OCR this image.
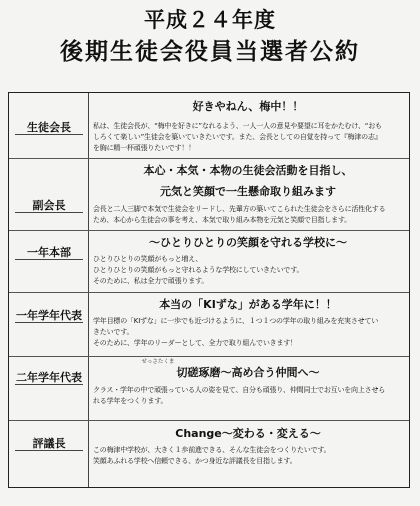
平成２４年度
後期生徒会役員当選者公約
生徒会長
好きやねん、梅中！！
私は、生徒会長が、“梅中を好きに”なれるよう、一人一人の意見や要望に耳をかたむけ、“おも
しろくて楽しい”生徒会を築いていきたいです。また、会長としての自覚を持って『梅津の志』
を胸に精一杯頑張りたいです！！
副会長
本心・本気・本物の生徒会活動を目指し、
元気と笑顔で一生懸命取り組みます
会長と二人三脚で本気で生徒会をリードし、先輩方の築いてこられた生徒会をさらに活性化する
ため、本心から生徒会の事を考え、本気で取り組み本物を元気と笑顔で目指します。
一年本部
～ひとりひとりの笑顔を守れる学校に～
ひとりひとりの笑顔がもっと増え、
ひとりひとりの笑顔がもっと守れるような学校にしていきたいです。
そのために、私は全力で頑張ります。
一年学年代表
本当の「KIずな」がある学年に！！
学年目標の「KIずな」に一歩でも近づけるように、１つ１つの学年の取り組みを充実させてい
きたいです。
そのために、学年のリーダーとして、全力で取り組んでいきます！
二年学年代表
せっさたくま
切磋琢磨～高め合う仲間へ～
クラス・学年の中で頑張っている人の姿を見て、自分も頑張り、仲間同士でお互いを向上させら
れる学年をつくります。
評議長
Change～変わる・変える～
この梅津中学校が、大きく１歩前進できる、そんな生徒会をつくりたいです。
笑顔あふれる学校へ信頼できる、かつ身近な評議長を目指します。
